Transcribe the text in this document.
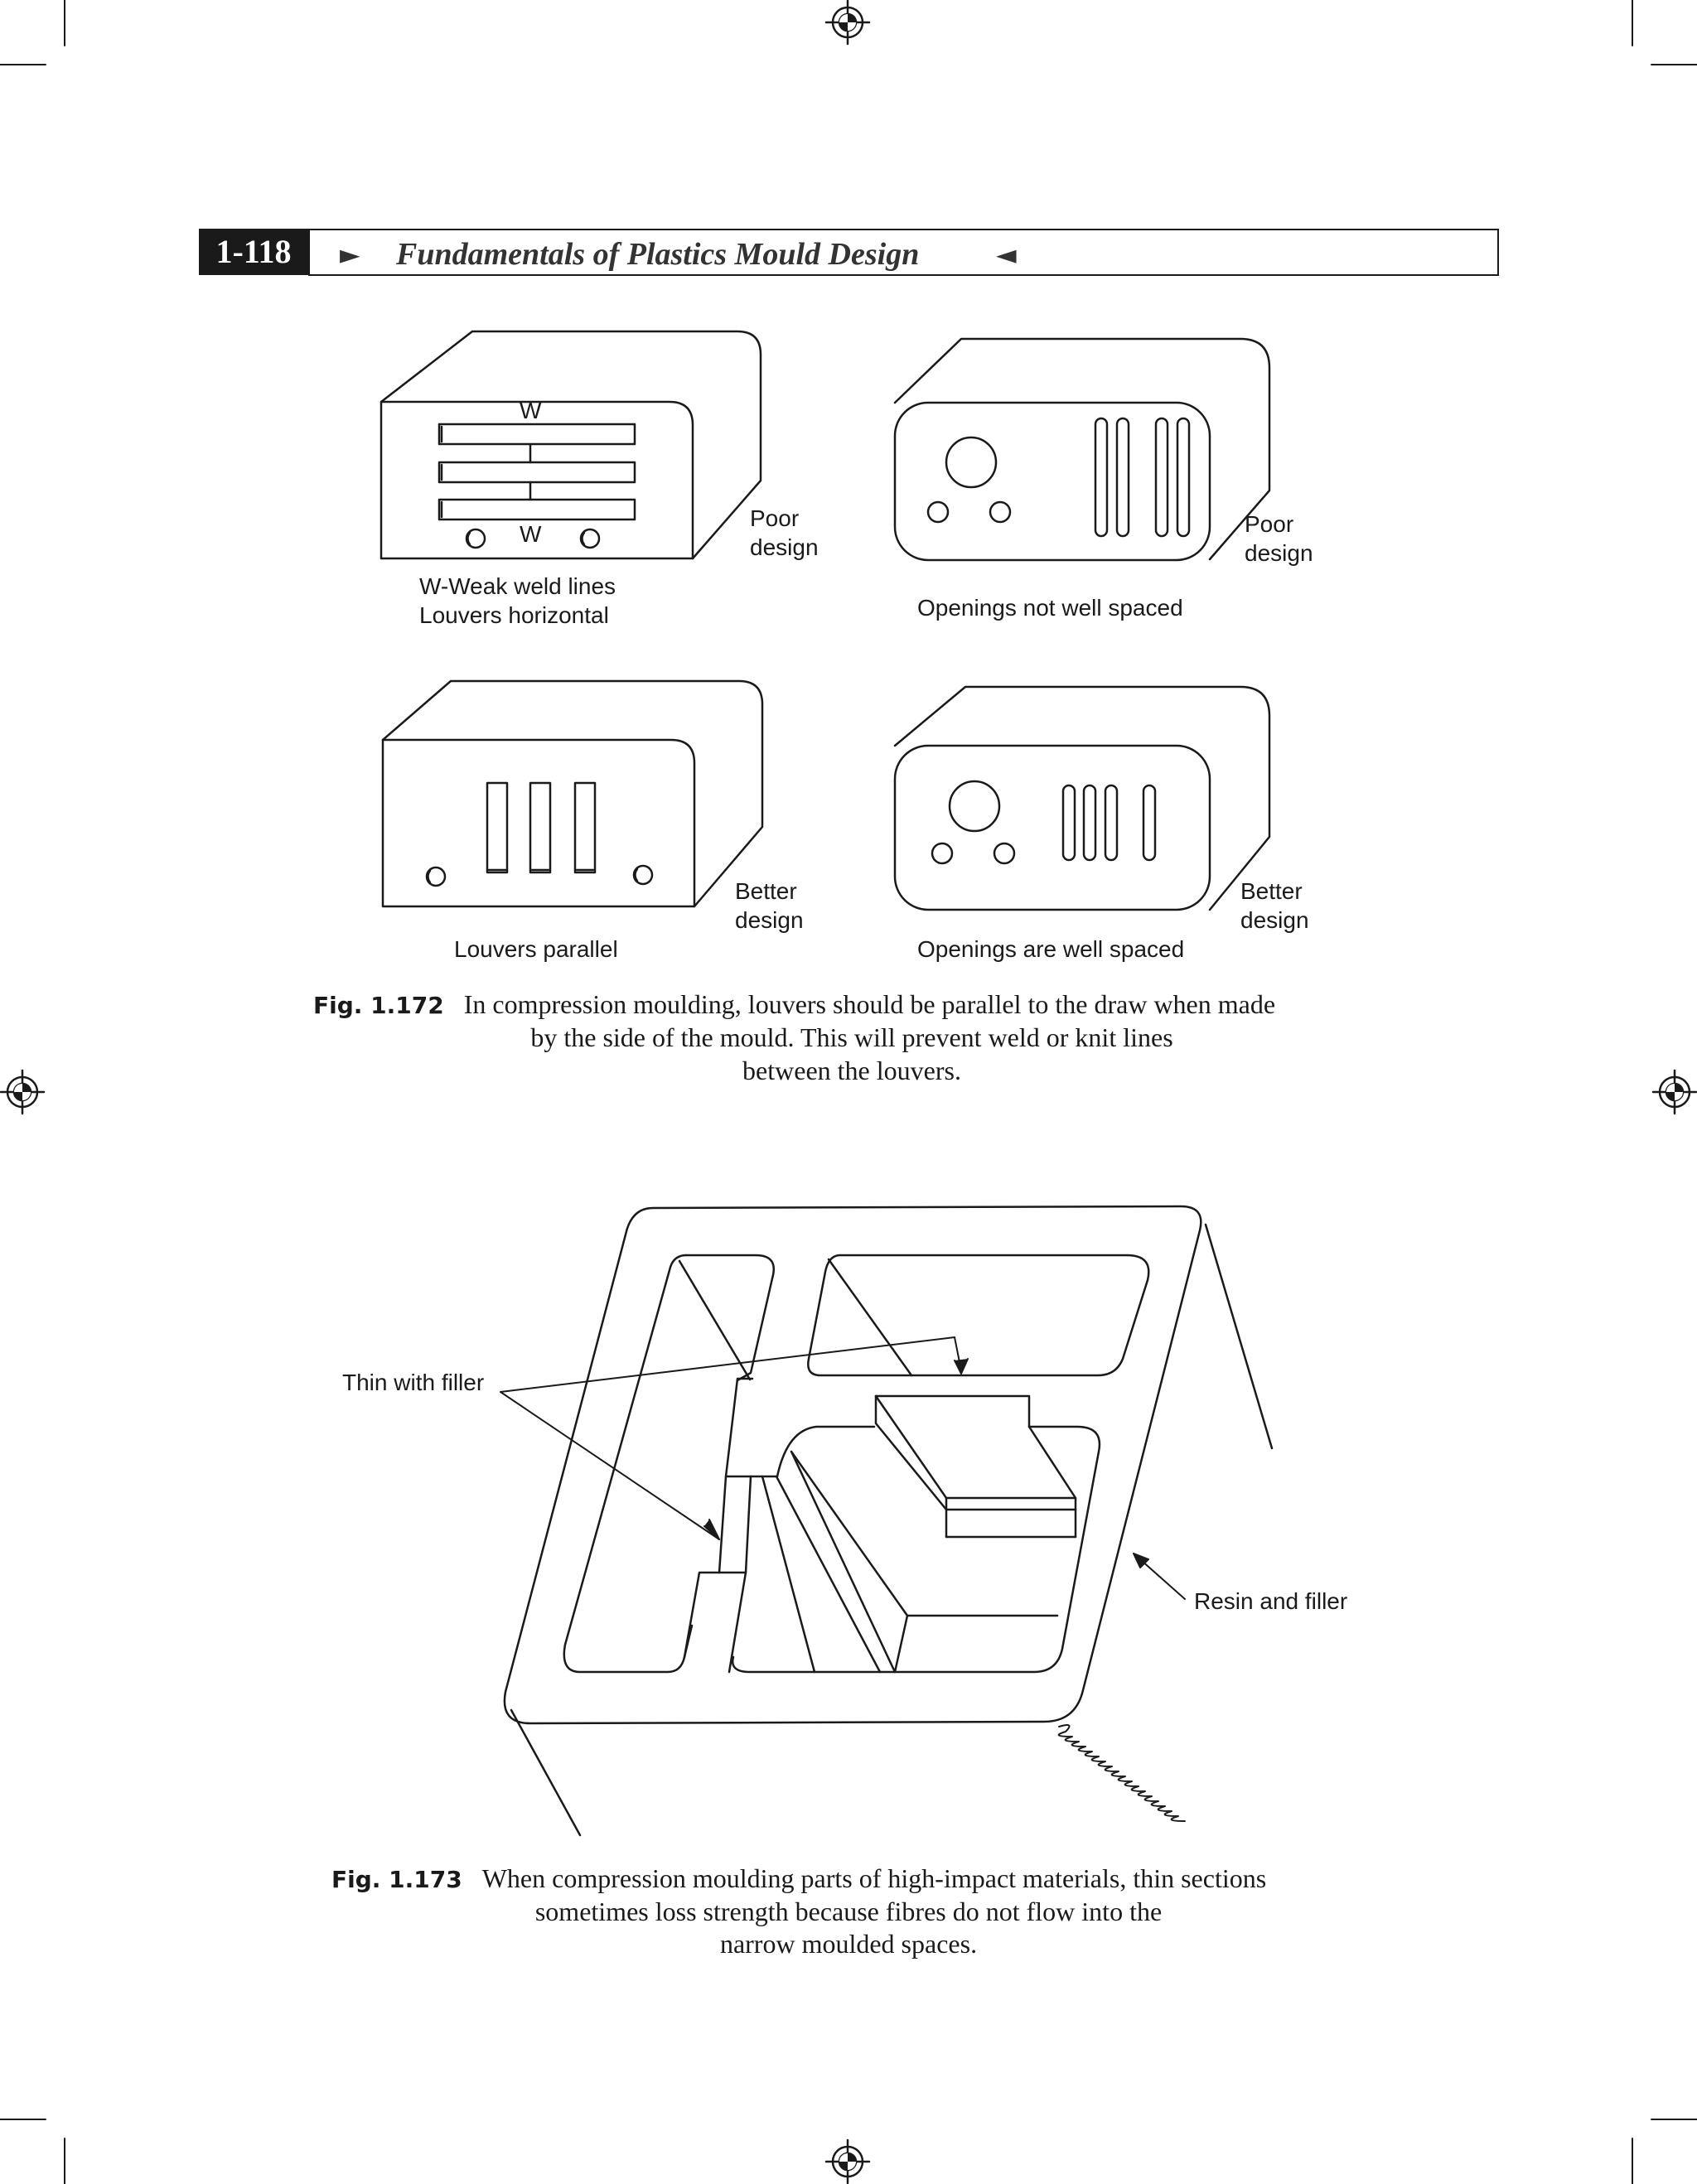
1-118	► Fundamentals of Plastics Mould Design	◄
W
W
Poor
design
W-Weak weld lines
Louvers horizontal
Poor
design
Openings not well spaced
Better
design
Louvers parallel
Better
design
Openings are well spaced
Fig. 1.172 In compression moulding, louvers should be parallel to the draw when made
by the side of the mould. This will prevent weld or knit lines
between the louvers.
Thin with filler
Resin and filler
Fig. 1.173 When compression moulding parts of high-impact materials, thin sections
sometimes loss strength because fibres do not flow into the
narrow moulded spaces.
